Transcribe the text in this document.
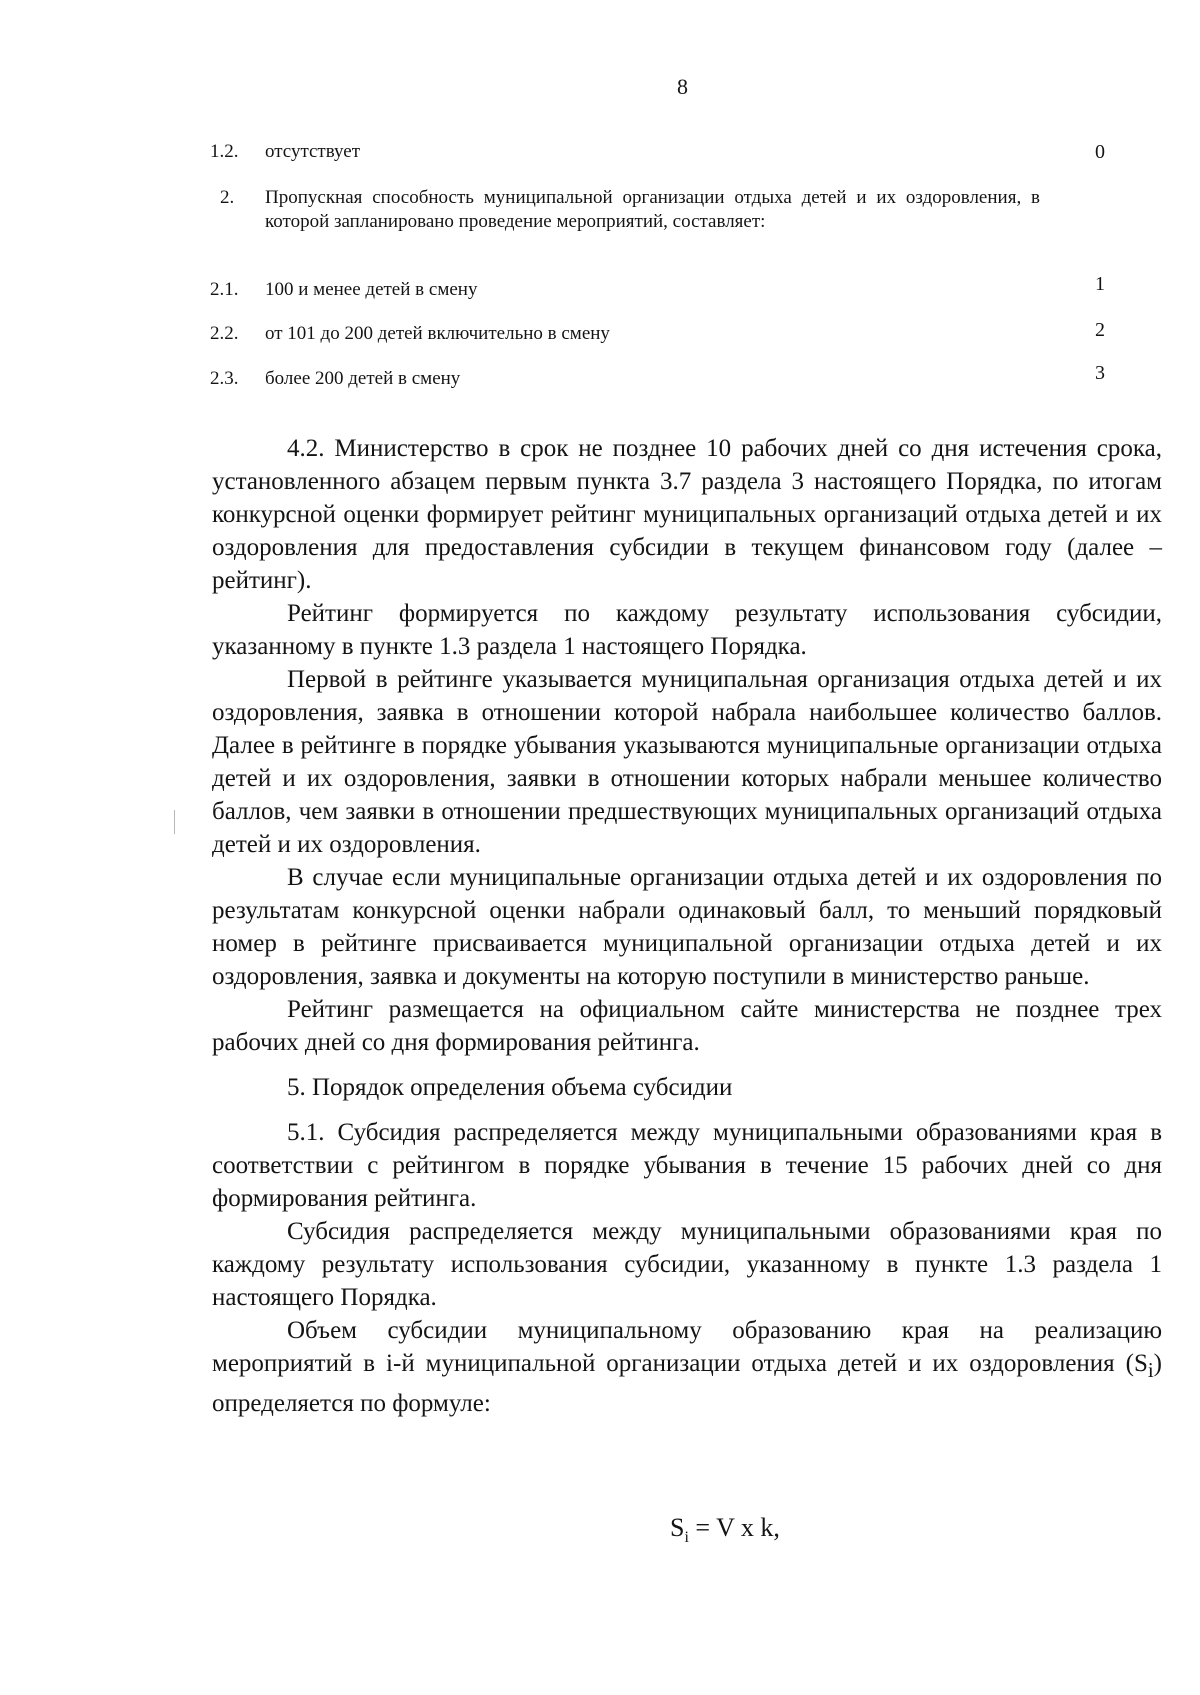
8
1.2.	отсутствует	0
2.	Пропускная способность муниципальной организации отдыха детей и их оздоровления, в которой запланировано проведение мероприятий, составляет:
2.1.	100 и менее детей в смену	1
2.2.	от 101 до 200 детей включительно в смену	2
2.3.	более 200 детей в смену	3

4.2. Министерство в срок не позднее 10 рабочих дней со дня истечения срока, установленного абзацем первым пункта 3.7 раздела 3 настоящего Порядка, по итогам конкурсной оценки формирует рейтинг муниципальных организаций отдыха детей и их оздоровления для предоставления субсидии в текущем финансовом году (далее – рейтинг).

Рейтинг формируется по каждому результату использования субсидии, указанному в пункте 1.3 раздела 1 настоящего Порядка.

Первой в рейтинге указывается муниципальная организация отдыха детей и их оздоровления, заявка в отношении которой набрала наибольшее количество баллов. Далее в рейтинге в порядке убывания указываются муниципальные организации отдыха детей и их оздоровления, заявки в отношении которых набрали меньшее количество баллов, чем заявки в отношении предшествующих муниципальных организаций отдыха детей и их оздоровления.

В случае если муниципальные организации отдыха детей и их оздоровления по результатам конкурсной оценки набрали одинаковый балл, то меньший порядковый номер в рейтинге присваивается муниципальной организации отдыха детей и их оздоровления, заявка и документы на которую поступили в министерство раньше.

Рейтинг размещается на официальном сайте министерства не позднее трех рабочих дней со дня формирования рейтинга.

5. Порядок определения объема субсидии

5.1. Субсидия распределяется между муниципальными образованиями края в соответствии с рейтингом в порядке убывания в течение 15 рабочих дней со дня формирования рейтинга.

Субсидия распределяется между муниципальными образованиями края по каждому результату использования субсидии, указанному в пункте 1.3 раздела 1 настоящего Порядка.

Объем субсидии муниципальному образованию края на реализацию мероприятий в i-й муниципальной организации отдыха детей и их оздоровления $(S_i)$ определяется по формуле:

$S_i = V$ x k,
